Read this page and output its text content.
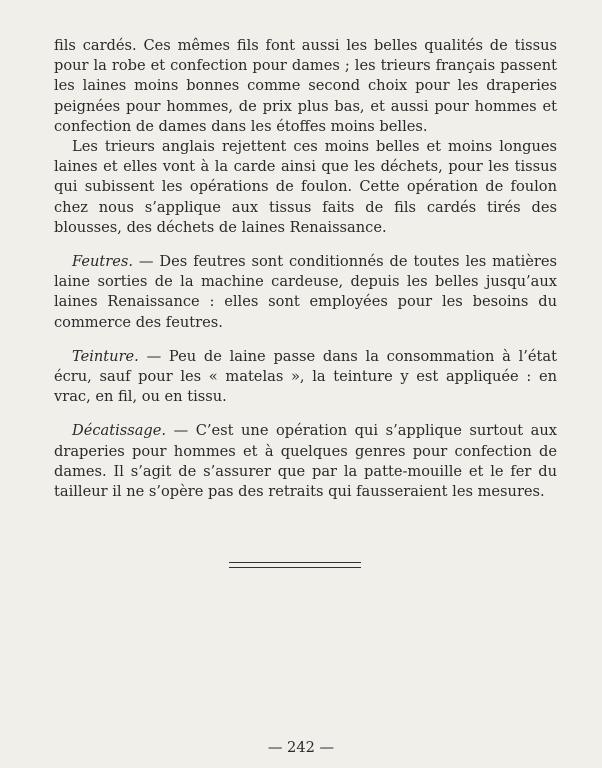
fils cardés. Ces mêmes fils font aussi les belles qualités de tissus pour la robe et confection pour dames ; les trieurs français passent les laines moins bonnes comme second choix pour les draperies peignées pour hommes, de prix plus bas, et aussi pour hommes et confection de dames dans les étoffes moins belles.

Les trieurs anglais rejettent ces moins belles et moins longues laines et elles vont à la carde ainsi que les déchets, pour les tissus qui subissent les opérations de foulon. Cette opération de foulon chez nous s’applique aux tissus faits de fils cardés tirés des blousses, des déchets de laines Renaissance.

Feutres. — Des feutres sont conditionnés de toutes les matières laine sorties de la machine cardeuse, depuis les belles jusqu’aux laines Renaissance : elles sont employées pour les besoins du commerce des feutres.

Teinture. — Peu de laine passe dans la consommation à l’état écru, sauf pour les « matelas », la teinture y est appliquée : en vrac, en fil, ou en tissu.

Décatissage. — C’est une opération qui s’applique surtout aux draperies pour hommes et à quelques genres pour confection de dames. Il s’agit de s’assurer que par la patte-mouille et le fer du tailleur il ne s’opère pas des retraits qui fausseraient les mesures.

— 242 —
